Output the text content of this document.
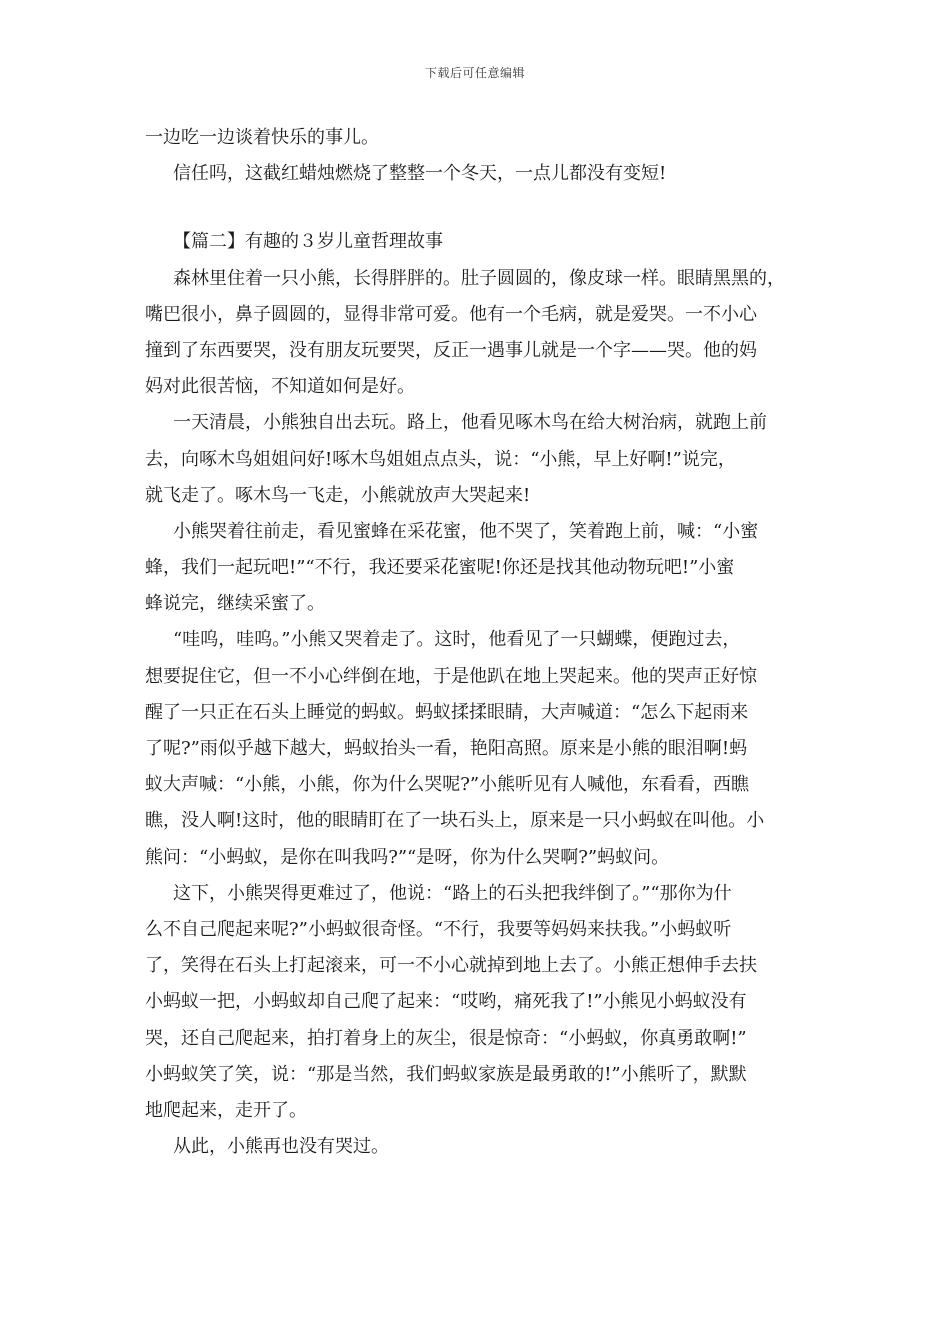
下载后可任意编辑
一边吃一边谈着快乐的事儿。
信任吗，这截红蜡烛燃烧了整整一个冬天，一点儿都没有变短!
【篇二】有趣的３岁儿童哲理故事
森林里住着一只小熊，长得胖胖的。肚子圆圆的，像皮球一样。眼睛黑黑的，
嘴巴很小，鼻子圆圆的，显得非常可爱。他有一个毛病，就是爱哭。一不小心
撞到了东西要哭，没有朋友玩要哭，反正一遇事儿就是一个字——哭。他的妈
妈对此很苦恼，不知道如何是好。
一天清晨，小熊独自出去玩。路上，他看见啄木鸟在给大树治病，就跑上前
去，向啄木鸟姐姐问好!啄木鸟姐姐点点头，说：“小熊，早上好啊!”说完，
就飞走了。啄木鸟一飞走，小熊就放声大哭起来!
小熊哭着往前走，看见蜜蜂在采花蜜，他不哭了，笑着跑上前，喊：“小蜜
蜂，我们一起玩吧!”“不行，我还要采花蜜呢!你还是找其他动物玩吧!”小蜜
蜂说完，继续采蜜了。
“哇呜，哇呜。”小熊又哭着走了。这时，他看见了一只蝴蝶，便跑过去，
想要捉住它，但一不小心绊倒在地，于是他趴在地上哭起来。他的哭声正好惊
醒了一只正在石头上睡觉的蚂蚁。蚂蚁揉揉眼睛，大声喊道：“怎么下起雨来
了呢?”雨似乎越下越大，蚂蚁抬头一看，艳阳高照。原来是小熊的眼泪啊!蚂
蚁大声喊：“小熊，小熊，你为什么哭呢?”小熊听见有人喊他，东看看，西瞧
瞧，没人啊!这时，他的眼睛盯在了一块石头上，原来是一只小蚂蚁在叫他。小
熊问：“小蚂蚁，是你在叫我吗?”“是呀，你为什么哭啊?”蚂蚁问。
这下，小熊哭得更难过了，他说：“路上的石头把我绊倒了。”“那你为什
么不自己爬起来呢?”小蚂蚁很奇怪。“不行，我要等妈妈来扶我。”小蚂蚁听
了，笑得在石头上打起滚来，可一不小心就掉到地上去了。小熊正想伸手去扶
小蚂蚁一把，小蚂蚁却自己爬了起来：“哎哟，痛死我了!”小熊见小蚂蚁没有
哭，还自己爬起来，拍打着身上的灰尘，很是惊奇：“小蚂蚁，你真勇敢啊!”
小蚂蚁笑了笑，说：“那是当然，我们蚂蚁家族是最勇敢的!”小熊听了，默默
地爬起来，走开了。
从此，小熊再也没有哭过。
